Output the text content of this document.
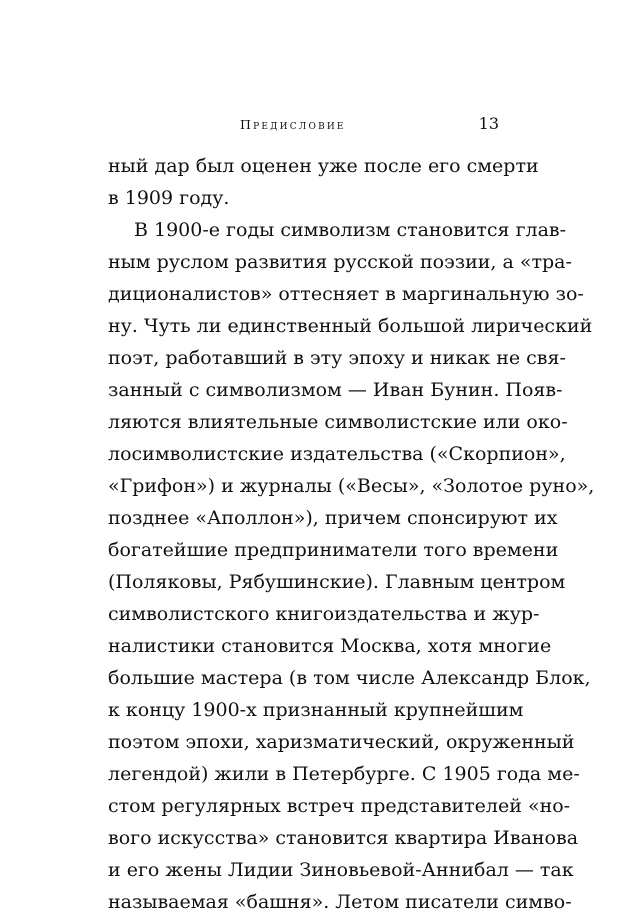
Предисловие	13
ный дар был оценен уже после его смерти
в 1909 году.
В 1900-е годы символизм становится глав-
ным руслом развития русской поэзии, а «тра-
диционалистов» оттесняет в маргинальную зо-
ну. Чуть ли единственный большой лирический
поэт, работавший в эту эпоху и никак не свя-
занный с символизмом — Иван Бунин. Появ-
ляются влиятельные символистские или око-
лосимволистские издательства («Скорпион»,
«Грифон») и журналы («Весы», «Золотое руно»,
позднее «Аполлон»), причем спонсируют их
богатейшие предприниматели того времени
(Поляковы, Рябушинские). Главным центром
символистского книгоиздательства и жур-
налистики становится Москва, хотя многие
большие мастера (в том числе Александр Блок,
к концу 1900-х признанный крупнейшим
поэтом эпохи, харизматический, окруженный
легендой) жили в Петербурге. С 1905 года ме-
стом регулярных встреч представителей «но-
вого искусства» становится квартира Иванова
и его жены Лидии Зиновьевой-Аннибал — так
называемая «башня». Летом писатели симво-
